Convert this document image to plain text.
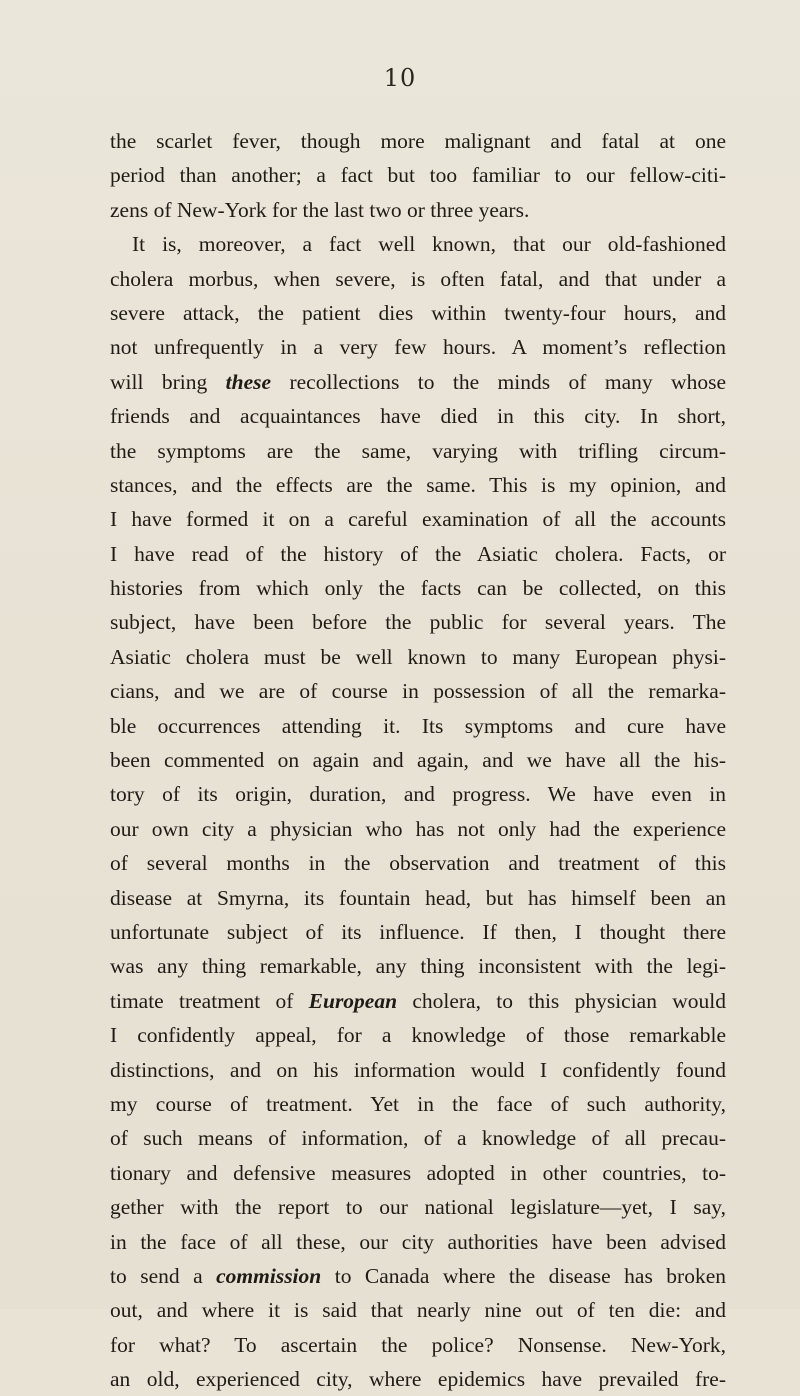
10
the scarlet fever, though more malignant and fatal at one
period than another; a fact but too familiar to our fellow-citi-
zens of New-York for the last two or three years.
It is, moreover, a fact well known, that our old-fashioned
cholera morbus, when severe, is often fatal, and that under a
severe attack, the patient dies within twenty-four hours, and
not unfrequently in a very few hours. A moment’s reflection
will bring these recollections to the minds of many whose
friends and acquaintances have died in this city. In short,
the symptoms are the same, varying with trifling circum-
stances, and the effects are the same. This is my opinion, and
I have formed it on a careful examination of all the accounts
I have read of the history of the Asiatic cholera. Facts, or
histories from which only the facts can be collected, on this
subject, have been before the public for several years. The
Asiatic cholera must be well known to many European physi-
cians, and we are of course in possession of all the remarka-
ble occurrences attending it. Its symptoms and cure have
been commented on again and again, and we have all the his-
tory of its origin, duration, and progress. We have even in
our own city a physician who has not only had the experience
of several months in the observation and treatment of this
disease at Smyrna, its fountain head, but has himself been an
unfortunate subject of its influence. If then, I thought there
was any thing remarkable, any thing inconsistent with the legi-
timate treatment of European cholera, to this physician would
I confidently appeal, for a knowledge of those remarkable
distinctions, and on his information would I confidently found
my course of treatment. Yet in the face of such authority,
of such means of information, of a knowledge of all precau-
tionary and defensive measures adopted in other countries, to-
gether with the report to our national legislature—yet, I say,
in the face of all these, our city authorities have been advised
to send a commission to Canada where the disease has broken
out, and where it is said that nearly nine out of ten die: and
for what? To ascertain the police? Nonsense. New-York,
an old, experienced city, where epidemics have prevailed fre-
